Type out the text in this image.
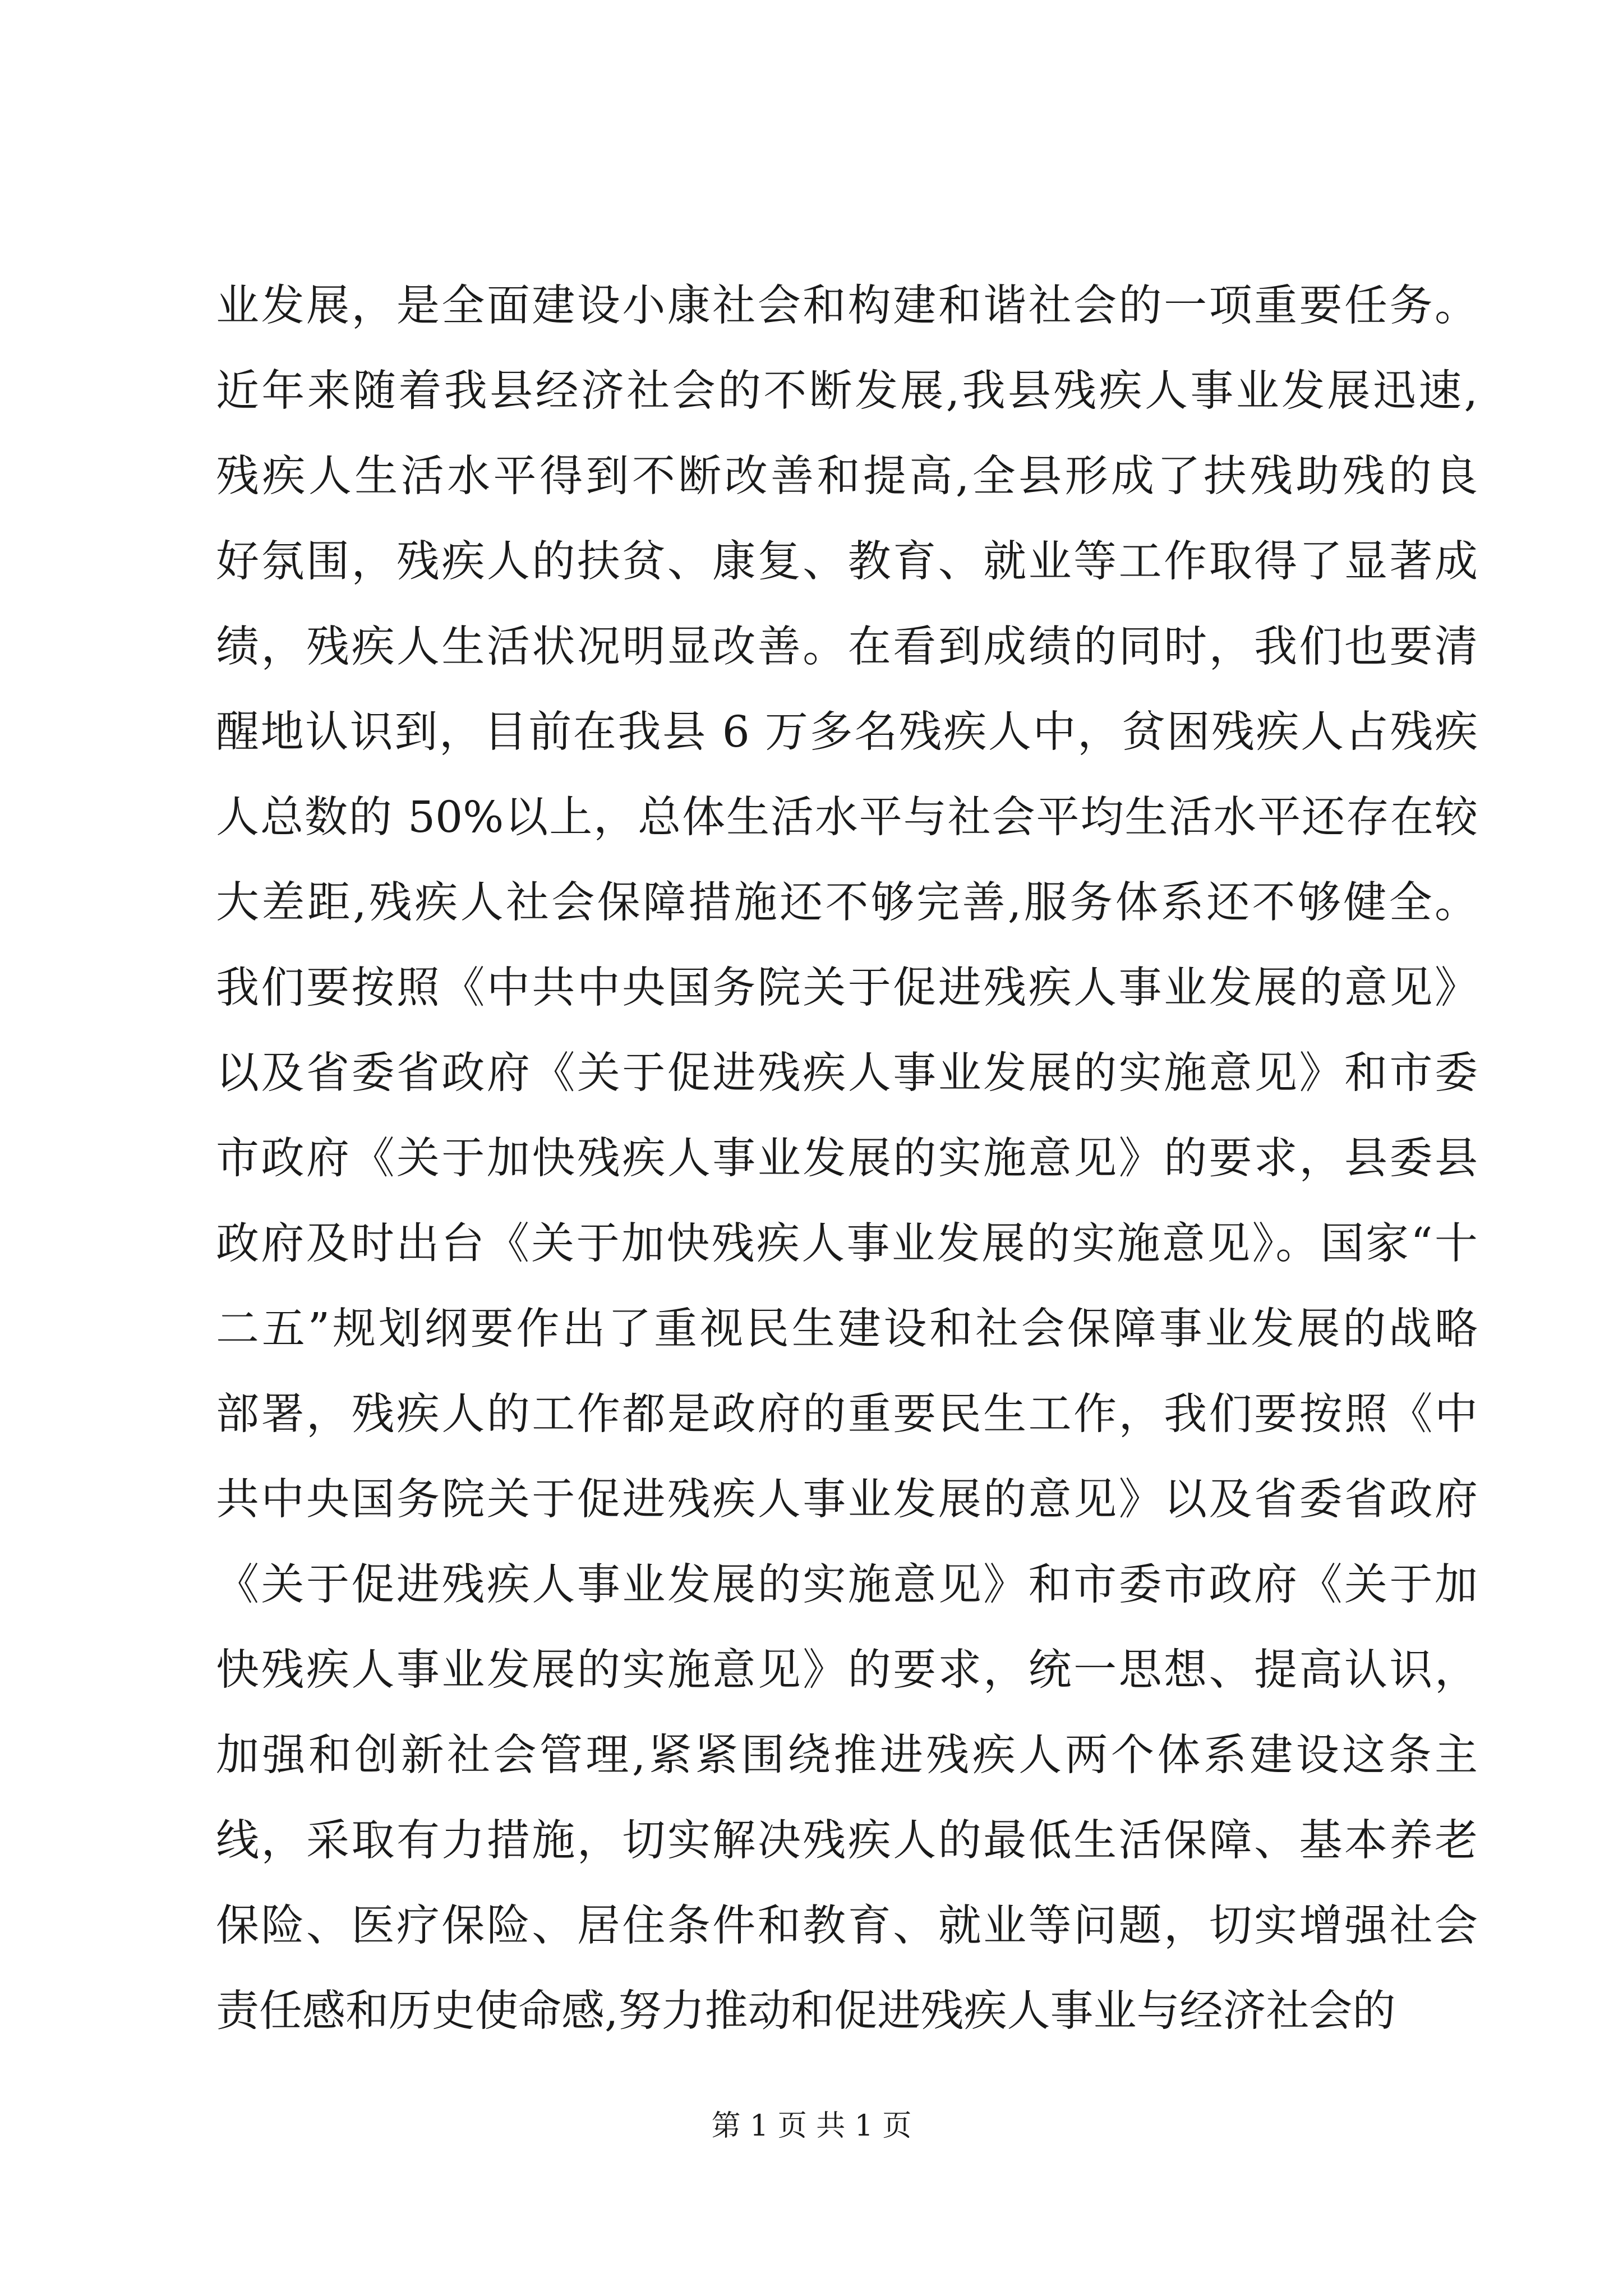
业发展，是全面建设小康社会和构建和谐社会的一项重要任务。
近年来随着我县经济社会的不断发展,我县残疾人事业发展迅速,
残疾人生活水平得到不断改善和提高,全县形成了扶残助残的良
好氛围，残疾人的扶贫、康复、教育、就业等工作取得了显著成
绩，残疾人生活状况明显改善。在看到成绩的同时，我们也要清
醒地认识到，目前在我县 6 万多名残疾人中，贫困残疾人占残疾
人总数的 50%以上，总体生活水平与社会平均生活水平还存在较
大差距,残疾人社会保障措施还不够完善,服务体系还不够健全。
我们要按照《中共中央国务院关于促进残疾人事业发展的意见》
以及省委省政府《关于促进残疾人事业发展的实施意见》和市委
市政府《关于加快残疾人事业发展的实施意见》的要求，县委县
政府及时出台《关于加快残疾人事业发展的实施意见》。国家“十
二五”规划纲要作出了重视民生建设和社会保障事业发展的战略
部署，残疾人的工作都是政府的重要民生工作，我们要按照《中
共中央国务院关于促进残疾人事业发展的意见》以及省委省政府
《关于促进残疾人事业发展的实施意见》和市委市政府《关于加
快残疾人事业发展的实施意见》的要求，统一思想、提高认识，
加强和创新社会管理,紧紧围绕推进残疾人两个体系建设这条主
线，采取有力措施，切实解决残疾人的最低生活保障、基本养老
保险、医疗保险、居住条件和教育、就业等问题，切实增强社会
责任感和历史使命感,努力推动和促进残疾人事业与经济社会的
第 1 页 共 1 页
